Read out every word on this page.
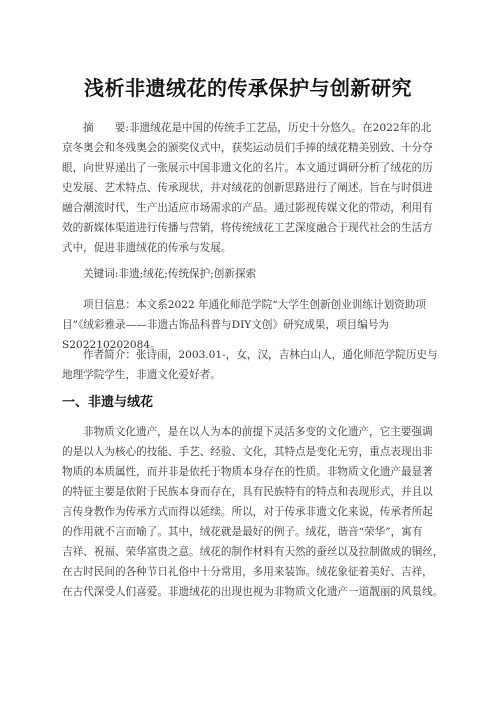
浅析非遗绒花的传承保护与创新研究
摘　　要:非遗绒花是中国的传统手工艺品，历史十分悠久。在2022年的北
京冬奥会和冬残奥会的颁奖仪式中，获奖运动员们手捧的绒花精美别致、十分夺
眼，向世界递出了一张展示中国非遗文化的名片。本文通过调研分析了绒花的历
史发展、艺术特点、传承现状，并对绒花的创新思路进行了阐述。旨在与时俱进
融合潮流时代，生产出适应市场需求的产品。通过影视传媒文化的带动，利用有
效的新媒体渠道进行传播与营销，将传统绒花工艺深度融合于现代社会的生活方
式中，促进非遗绒花的传承与发展。
关键词:非遗;绒花;传统保护;创新探索
项目信息：本文系2022 年通化师范学院“大学生创新创业训练计划资助项
目”《绒彩雅录——非遗古饰品科普与DIY文创》研究成果，项目编号为
S202210202084。
作者简介：张诗雨，2003.01-，女，汉，吉林白山人，通化师范学院历史与
地理学院学生，非遗文化爱好者。
一、非遗与绒花
非物质文化遗产，是在以人为本的前提下灵活多变的文化遗产，它主要强调
的是以人为核心的技能、手艺、经验、文化，其特点是变化无穷，重点表现出非
物质的本质属性，而并非是依托于物质本身存在的性质。非物质文化遗产最显著
的特征主要是依附于民族本身而存在，具有民族特有的特点和表现形式，并且以
言传身教作为传承方式而得以延续。所以，对于传承非遗文化来说，传承者所起
的作用就不言而喻了。其中，绒花就是最好的例子。绒花，谐音“荣华”，寓有
吉祥、祝福、荣华富贵之意。绒花的制作材料有天然的蚕丝以及拉制做成的铜丝，
在古时民间的各种节日礼俗中十分常用，多用来装饰。绒花象征着美好、吉祥，
在古代深受人们喜爱。非遗绒花的出现也视为非物质文化遗产一道靓丽的风景线。
